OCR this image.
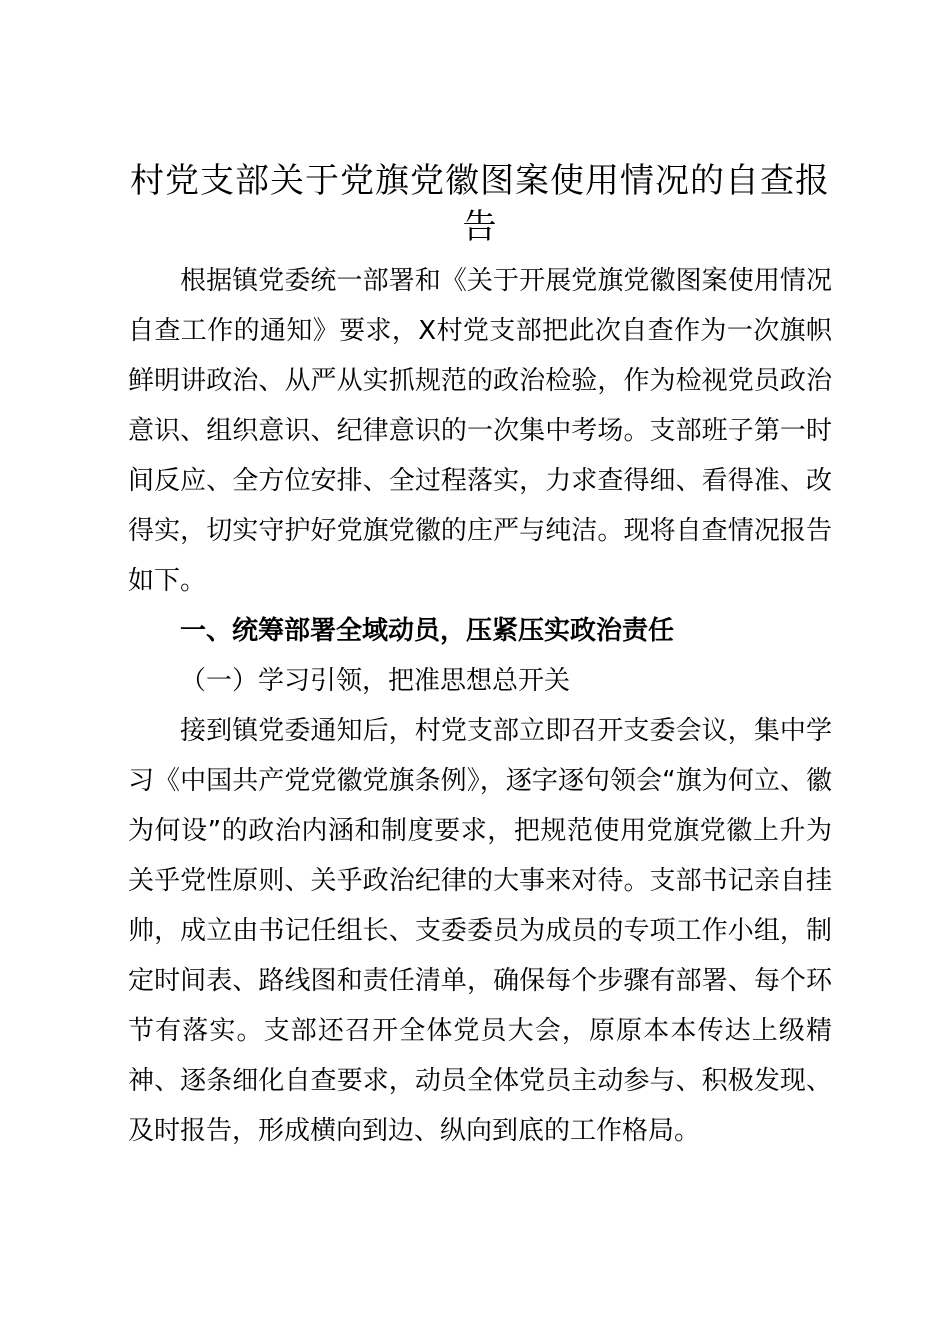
村党支部关于党旗党徽图案使用情况的自查报告

根据镇党委统一部署和《关于开展党旗党徽图案使用情况自查工作的通知》要求，X村党支部把此次自查作为一次旗帜鲜明讲政治、从严从实抓规范的政治检验，作为检视党员政治意识、组织意识、纪律意识的一次集中考场。支部班子第一时间反应、全方位安排、全过程落实，力求查得细、看得准、改得实，切实守护好党旗党徽的庄严与纯洁。现将自查情况报告如下。

一、统筹部署全域动员，压紧压实政治责任

（一）学习引领，把准思想总开关

接到镇党委通知后，村党支部立即召开支委会议，集中学习《中国共产党党徽党旗条例》，逐字逐句领会“旗为何立、徽为何设”的政治内涵和制度要求，把规范使用党旗党徽上升为关乎党性原则、关乎政治纪律的大事来对待。支部书记亲自挂帅，成立由书记任组长、支委委员为成员的专项工作小组，制定时间表、路线图和责任清单，确保每个步骤有部署、每个环节有落实。支部还召开全体党员大会，原原本本传达上级精神、逐条细化自查要求，动员全体党员主动参与、积极发现、及时报告，形成横向到边、纵向到底的工作格局。
